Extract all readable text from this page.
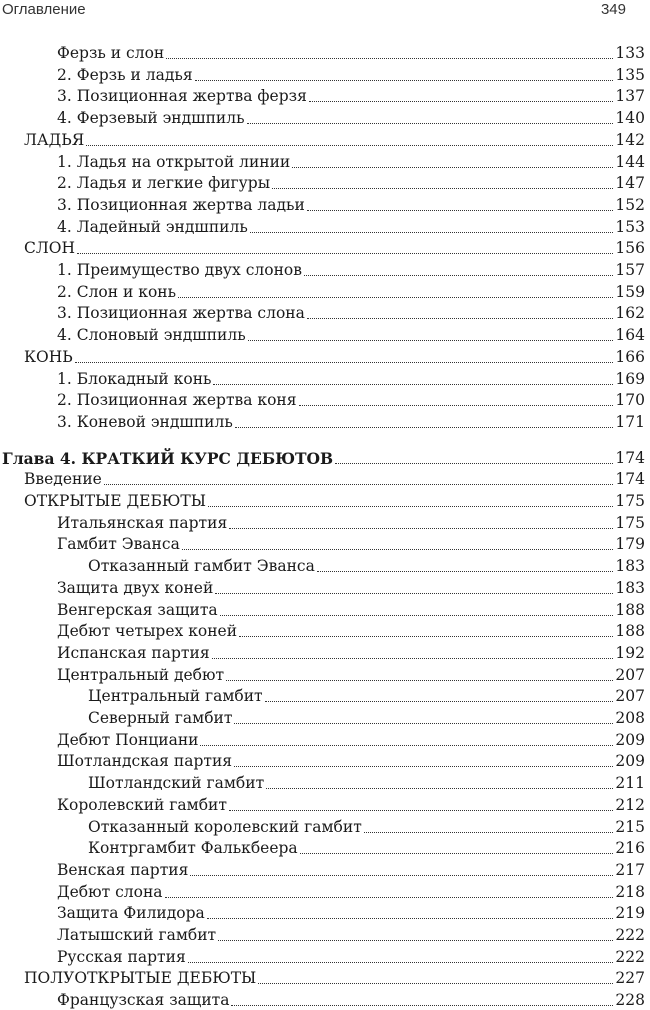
Оглавление	349
Ферзь и слон	133
2. Ферзь и ладья	135
3. Позиционная жертва ферзя	137
4. Ферзевый эндшпиль	140
ЛАДЬЯ	142
1. Ладья на открытой линии	144
2. Ладья и легкие фигуры	147
3. Позиционная жертва ладьи	152
4. Ладейный эндшпиль	153
СЛОН	156
1. Преимущество двух слонов	157
2. Слон и конь	159
3. Позиционная жертва слона	162
4. Слоновый эндшпиль	164
КОНЬ	166
1. Блокадный конь	169
2. Позиционная жертва коня	170
3. Коневой эндшпиль	171
Глава 4. КРАТКИЙ КУРС ДЕБЮТОВ	174
Введение	174
ОТКРЫТЫЕ ДЕБЮТЫ	175
Итальянская партия	175
Гамбит Эванса	179
Отказанный гамбит Эванса	183
Защита двух коней	183
Венгерская защита	188
Дебют четырех коней	188
Испанская партия	192
Центральный дебют	207
Центральный гамбит	207
Северный гамбит	208
Дебют Понциани	209
Шотландская партия	209
Шотландский гамбит	211
Королевский гамбит	212
Отказанный королевский гамбит	215
Контргамбит Фалькбеера	216
Венская партия	217
Дебют слона	218
Защита Филидора	219
Латышский гамбит	222
Русская партия	222
ПОЛУОТКРЫТЫЕ ДЕБЮТЫ	227
Французская защита	228
